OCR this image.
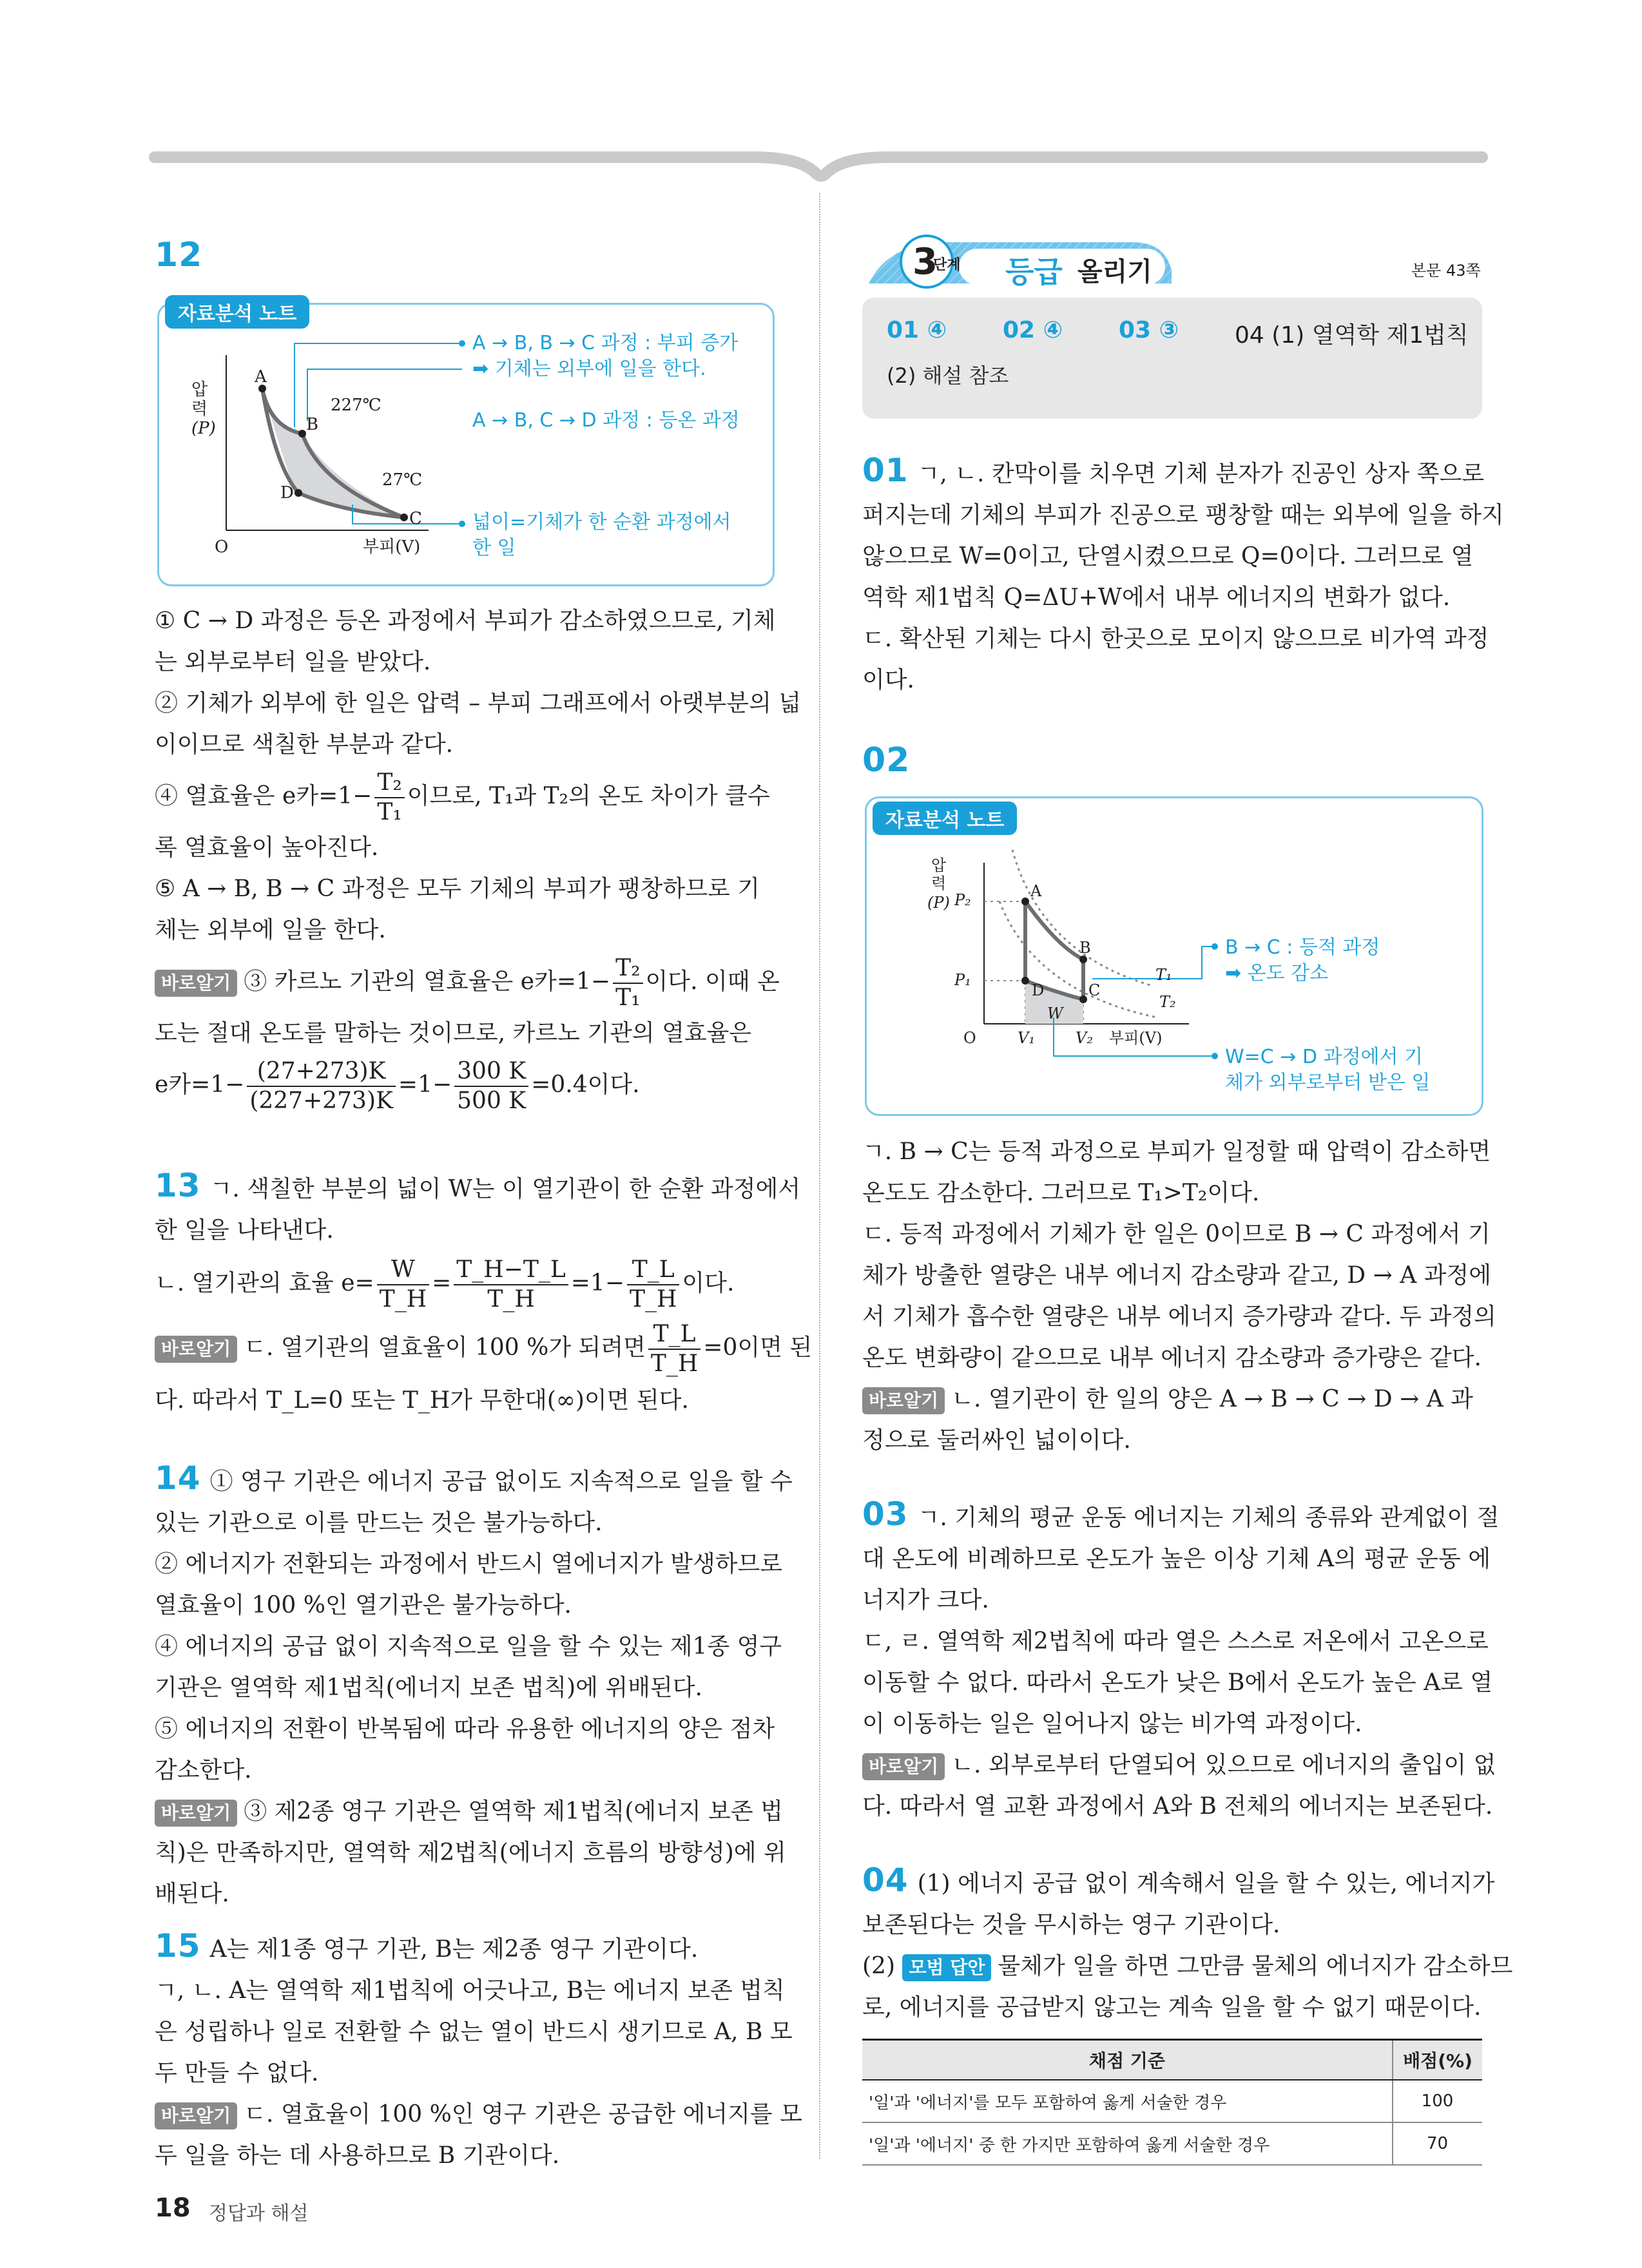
12
압
력
(P)
A
B
C
D
227℃
27℃
O	부피(V)
A → B, B → C 과정 : 부피 증가
➡ 기체는 외부에 일을 한다.
A → B, C → D 과정 : 등온 과정
넓이=기체가 한 순환 과정에서
한 일
자료분석 노트

① C → D 과정은 등온 과정에서 부피가 감소하였으므로, 기체

는 외부로부터 일을 받았다.

② 기체가 외부에 한 일은 압력 – 부피 그래프에서 아랫부분의 넓

이이므로 색칠한 부분과 같다.

④ 열효율은 e카$=1- \frac{\text{T₂}}{\text{T₁}}$ 이므로, T₁과 T₂의 온도 차이가 클수

록 열효율이 높아진다.

⑤ A → B, B → C 과정은 모두 기체의 부피가 팽창하므로 기

체는 외부에 일을 한다.

바로알기 ③ 카르노 기관의 열효율은 e카$=1- \frac{\text{T₂}}{\text{T₁}}$ 이다. 이때 온

도는 절대 온도를 말하는 것이므로, 카르노 기관의 열효율은

e카$=1- \frac{(27+273)K}{(227+273)K} =1- \frac{300 K}{500 K} =0.4$이다.

13 ㄱ. 색칠한 부분의 넓이 W는 이 열기관이 한 순환 과정에서

한 일을 나타낸다.

ㄴ. 열기관의 효율 $e= \frac{W}{T\_H} = \frac{T\_H-T\_L}{T\_H} =1- \frac{T\_L}{T\_H}$ 이다.

바로알기 ㄷ. 열기관의 열효율이 100 %가 되려면 $\frac{T\_L}{T\_H} =0$이면 된

다. 따라서 T_L=0 또는 T_H가 무한대(∞)이면 된다.

14 ① 영구 기관은 에너지 공급 없이도 지속적으로 일을 할 수

있는 기관으로 이를 만드는 것은 불가능하다.

② 에너지가 전환되는 과정에서 반드시 열에너지가 발생하므로

열효율이 100 %인 열기관은 불가능하다.

④ 에너지의 공급 없이 지속적으로 일을 할 수 있는 제1종 영구

기관은 열역학 제1법칙(에너지 보존 법칙)에 위배된다.

⑤ 에너지의 전환이 반복됨에 따라 유용한 에너지의 양은 점차

감소한다.

바로알기 ③ 제2종 영구 기관은 열역학 제1법칙(에너지 보존 법

칙)은 만족하지만, 열역학 제2법칙(에너지 흐름의 방향성)에 위

배된다.

15 A는 제1종 영구 기관, B는 제2종 영구 기관이다.

ㄱ, ㄴ. A는 열역학 제1법칙에 어긋나고, B는 에너지 보존 법칙

은 성립하나 일로 전환할 수 없는 열이 반드시 생기므로 A, B 모

두 만들 수 없다.

바로알기 ㄷ. 열효율이 100 %인 영구 기관은 공급한 에너지를 모

두 일을 하는 데 사용하므로 B 기관이다.

18 정답과 해설
3
단계 등급 올리기	본문 43쪽
01 ④ 02 ④ 03 ③ 04 (1) 열역학 제1법칙
(2) 해설 참조

01 ㄱ, ㄴ. 칸막이를 치우면 기체 분자가 진공인 상자 쪽으로

퍼지는데 기체의 부피가 진공으로 팽창할 때는 외부에 일을 하지

않으므로 W=0이고, 단열시켰으므로 Q=0이다. 그러므로 열

역학 제1법칙 Q=ΔU+W에서 내부 에너지의 변화가 없다.

ㄷ. 확산된 기체는 다시 한곳으로 모이지 않으므로 비가역 과정

이다.

02
압
력
(P) P₂
P₁
A
B
C
D
W
T₁
T₂
O	V₁	V₂ 부피(V)
B → C : 등적 과정
➡ 온도 감소
W=C → D 과정에서 기
체가 외부로부터 받은 일
자료분석 노트

ㄱ. B → C는 등적 과정으로 부피가 일정할 때 압력이 감소하면

온도도 감소한다. 그러므로 T₁>T₂이다.

ㄷ. 등적 과정에서 기체가 한 일은 0이므로 B → C 과정에서 기

체가 방출한 열량은 내부 에너지 감소량과 같고, D → A 과정에

서 기체가 흡수한 열량은 내부 에너지 증가량과 같다. 두 과정의

온도 변화량이 같으므로 내부 에너지 감소량과 증가량은 같다.

바로알기 ㄴ. 열기관이 한 일의 양은 A → B → C → D → A 과

정으로 둘러싸인 넓이이다.

03 ㄱ. 기체의 평균 운동 에너지는 기체의 종류와 관계없이 절

대 온도에 비례하므로 온도가 높은 이상 기체 A의 평균 운동 에

너지가 크다.

ㄷ, ㄹ. 열역학 제2법칙에 따라 열은 스스로 저온에서 고온으로

이동할 수 없다. 따라서 온도가 낮은 B에서 온도가 높은 A로 열

이 이동하는 일은 일어나지 않는 비가역 과정이다.

바로알기 ㄴ. 외부로부터 단열되어 있으므로 에너지의 출입이 없

다. 따라서 열 교환 과정에서 A와 B 전체의 에너지는 보존된다.

04 (1) 에너지 공급 없이 계속해서 일을 할 수 있는, 에너지가

보존된다는 것을 무시하는 영구 기관이다.

(2) 모범 답안 물체가 일을 하면 그만큼 물체의 에너지가 감소하므

로, 에너지를 공급받지 않고는 계속 일을 할 수 없기 때문이다.

채점 기준	배점(%)
'일'과 '에너지'를 모두 포함하여 옳게 서술한 경우	100
'일'과 '에너지' 중 한 가지만 포함하여 옳게 서술한 경우	70
